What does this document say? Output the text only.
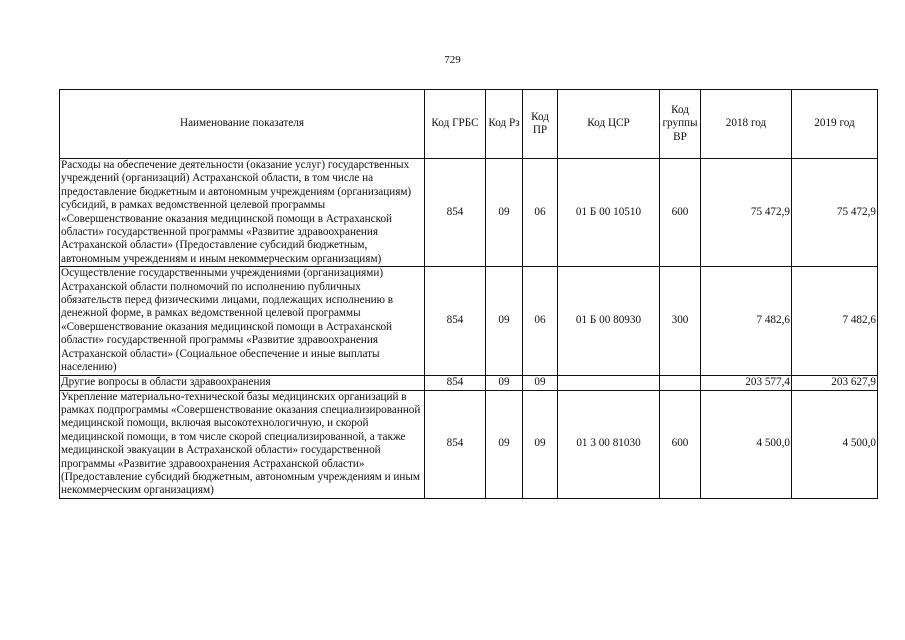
729
Наименование показателя	Код ГРБС	Код Рз	Код ПР	Код ЦСР	Код группы ВР	2018 год	2019 год
Расходы на обеспечение деятельности (оказание услуг) государственных учреждений (организаций) Астраханской области, в том числе на предоставление бюджетным и автономным учреждениям (организациям) субсидий, в рамках ведомственной целевой программы «Совершенствование оказания медицинской помощи в Астраханской области» государственной программы «Развитие здравоохранения Астраханской области» (Предоставление субсидий бюджетным, автономным учреждениям и иным некоммерческим организациям)	854	09	06	01 Б 00 10510	600	75 472,9	75 472,9
Осуществление государственными учреждениями (организациями) Астраханской области полномочий по исполнению публичных обязательств перед физическими лицами, подлежащих исполнению в денежной форме, в рамках ведомственной целевой программы «Совершенствование оказания медицинской помощи в Астраханской области» государственной программы «Развитие здравоохранения Астраханской области» (Социальное обеспечение и иные выплаты населению)	854	09	06	01 Б 00 80930	300	7 482,6	7 482,6
Другие вопросы в области здравоохранения	854	09	09			203 577,4	203 627,9
Укрепление материально-технической базы медицинских организаций в рамках подпрограммы «Совершенствование оказания специализированной медицинской помощи, включая высокотехнологичную, и скорой медицинской помощи, в том числе скорой специализированной, а также медицинской эвакуации в Астраханской области» государственной программы «Развитие здравоохранения Астраханской области» (Предоставление субсидий бюджетным, автономным учреждениям и иным некоммерческим организациям)	854	09	09	01 3 00 81030	600	4 500,0	4 500,0
